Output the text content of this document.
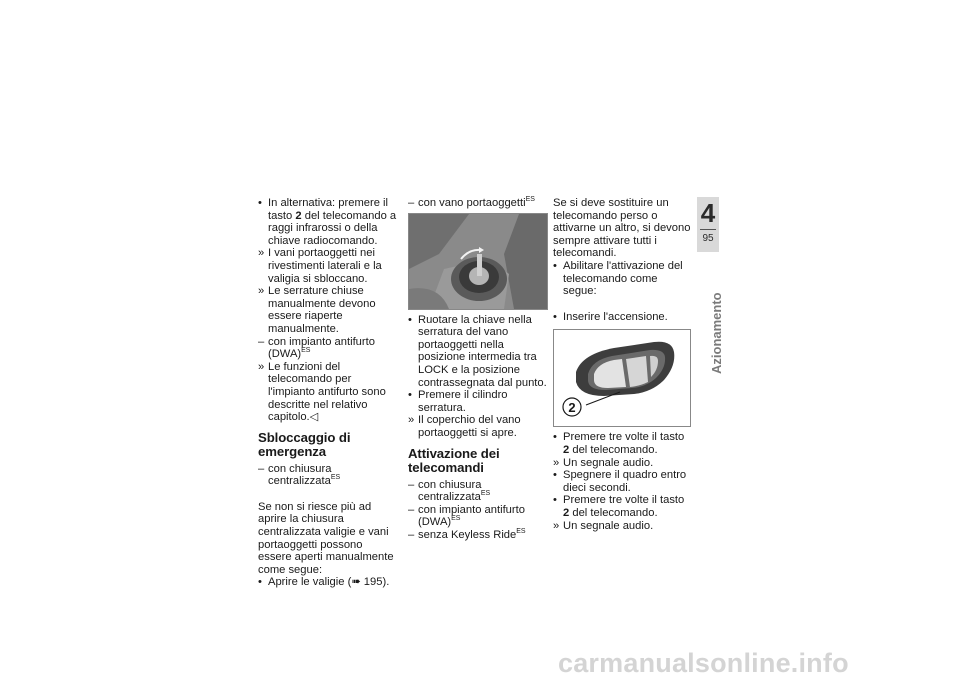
4
95
Azionamento
• In alternativa: premere il tasto 2 del telecomando a raggi infrarossi o della chiave radiocomando.
» I vani portaoggetti nei rivestimenti laterali e la valigia si sbloccano.
» Le serrature chiuse manualmente devono essere riaperte manualmente.
– con impianto antifurto (DWA)$^{ES}$
» Le funzioni del telecomando per l'impianto antifurto sono descritte nel relativo capitolo.◁
Sbloccaggio di emergenza
– con chiusura centralizzata$^{ES}$
Se non si riesce più ad aprire la chiusura centralizzata valigie e vani portaoggetti possono essere aperti manualmente come segue:
• Aprire le valigie (➠ 195).
– con vano portaoggetti$^{ES}$
• Ruotare la chiave nella serratura del vano portaoggetti nella posizione intermedia tra LOCK e la posizione contrassegnata dal punto.
• Premere il cilindro serratura.
» Il coperchio del vano portaoggetti si apre.
Attivazione dei telecomandi
– con chiusura centralizzata$^{ES}$
– con impianto antifurto (DWA)$^{ES}$
– senza Keyless Ride$^{ES}$
Se si deve sostituire un telecomando perso o attivarne un altro, si devono sempre attivare tutti i telecomandi.
• Abilitare l'attivazione del telecomando come segue:
• Inserire l'accensione.
2
• Premere tre volte il tasto 2 del telecomando.
» Un segnale audio.
• Spegnere il quadro entro dieci secondi.
• Premere tre volte il tasto 2 del telecomando.
» Un segnale audio.
carmanualsonline.info
